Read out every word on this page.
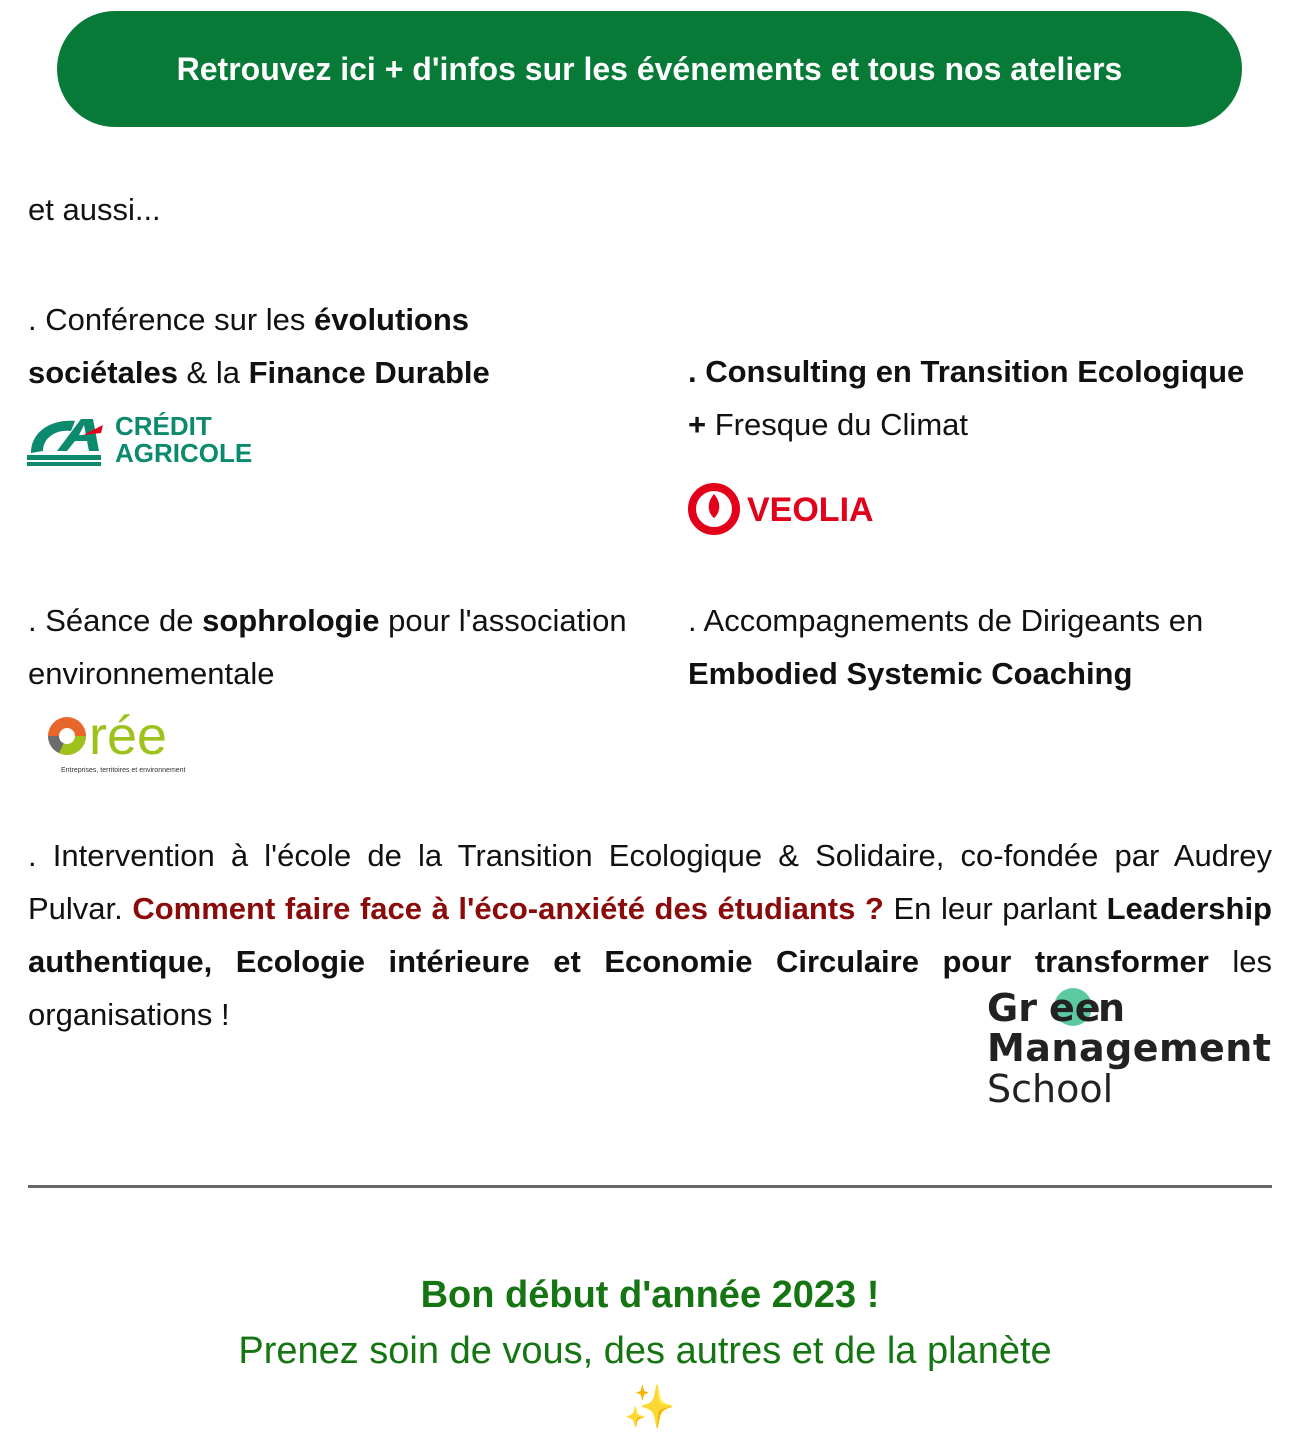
Retrouvez ici + d'infos sur les événements et tous nos ateliers
et aussi...
. Conférence sur les évolutions sociétales & la Finance Durable
CRÉDIT
AGRICOLE
. Consulting en Transition Ecologique + Fresque du Climat
VEOLIA
. Séance de sophrologie pour l'association environnementale
rée
Entreprises, territoires et environnement
. Accompagnements de Dirigeants en Embodied Systemic Coaching
. Intervention à l'école de la Transition Ecologique & Solidaire, co-fondée par Audrey Pulvar. Comment faire face à l'éco-anxiété des étudiants ? En leur parlant Leadership authentique, Ecologie intérieure et Economie Circulaire pour transformer les organisations !	Gr ee
n
Management
School
Bon début d'année 2023 !
Prenez soin de vous, des autres et de la planète
✨
